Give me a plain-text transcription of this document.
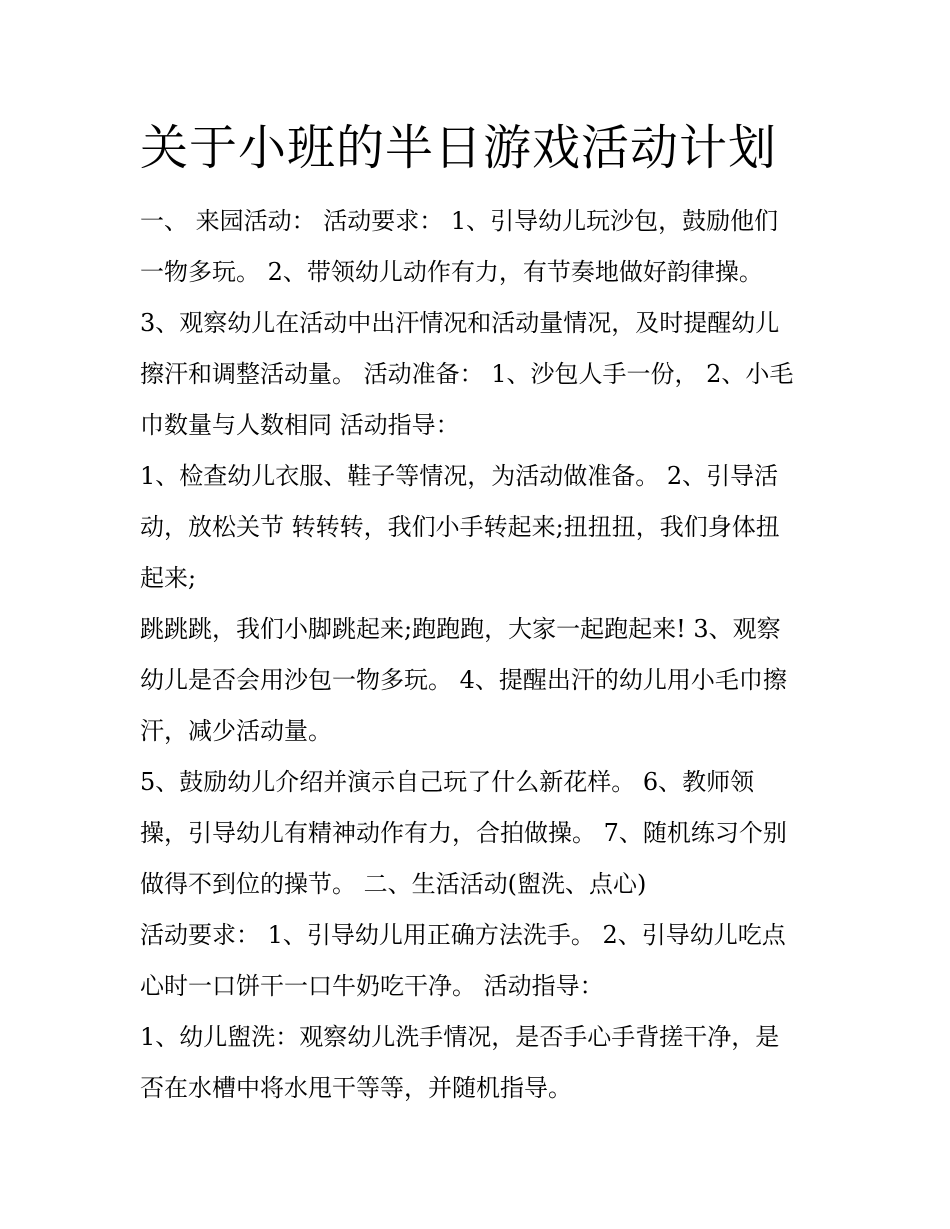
关于小班的半日游戏活动计划

一、 来园活动： 活动要求： 1、引导幼儿玩沙包，鼓励他们

一物多玩。 2、带领幼儿动作有力，有节奏地做好韵律操。

3、观察幼儿在活动中出汗情况和活动量情况，及时提醒幼儿

擦汗和调整活动量。 活动准备： 1、沙包人手一份， 2、小毛

巾数量与人数相同 活动指导：

1、检查幼儿衣服、鞋子等情况，为活动做准备。 2、引导活

动，放松关节 转转转，我们小手转起来;扭扭扭，我们身体扭

起来;

跳跳跳，我们小脚跳起来;跑跑跑，大家一起跑起来! 3、观察

幼儿是否会用沙包一物多玩。 4、提醒出汗的幼儿用小毛巾擦

汗，减少活动量。

5、鼓励幼儿介绍并演示自己玩了什么新花样。 6、教师领

操，引导幼儿有精神动作有力，合拍做操。 7、随机练习个别

做得不到位的操节。 二、生活活动(盥洗、点心)

活动要求： 1、引导幼儿用正确方法洗手。 2、引导幼儿吃点

心时一口饼干一口牛奶吃干净。 活动指导：

1、幼儿盥洗：观察幼儿洗手情况，是否手心手背搓干净，是

否在水槽中将水甩干等等，并随机指导。
